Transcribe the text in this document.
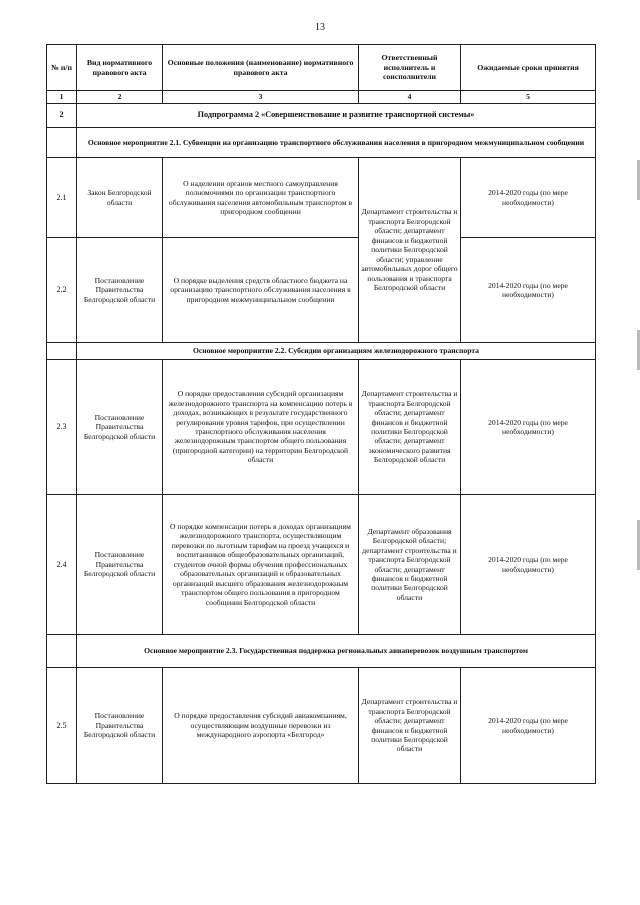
13
№ п/п	Вид нормативного правового акта	Основные положения (наименование) нормативного правового акта	Ответственный исполнитель и соисполнители	Ожидаемые сроки принятия
1	2	3	4	5
2	Подпрограмма 2 «Совершенствование и развитие транспортной системы»			
	Основное мероприятие 2.1. Субвенции на организацию транспортного обслуживания населения в пригородном межмуниципальном сообщении			
2.1	Закон Белгородской области	О наделении органов местного самоуправления полномочиями по организации транспортного обслуживания населения автомобильным транспортом в пригородном сообщении	Департамент строительства и транспорта Белгородской области; департамент финансов и бюджетной политики Белгородской области; управление автомобильных дорог общего пользования и транспорта Белгородской области	2014-2020 годы (по мере необходимости)
2.2	Постановление Правительства Белгородской области	О порядке выделения средств областного бюджета на организацию транспортного обслуживания населения в пригородном межмуниципальном сообщении		2014-2020 годы (по мере необходимости)
	Основное мероприятие 2.2. Субсидии организациям железнодорожного транспорта			
2.3	Постановление Правительства Белгородской области	О порядке предоставления субсидий организациям железнодорожного транспорта на компенсацию потерь в доходах, возникающих в результате государственного регулирования уровня тарифов, при осуществлении транспортного обслуживания населения железнодорожным транспортом общего пользования (пригородной категории) на территории Белгородской области	Департамент строительства и транспорта Белгородской области; департамент финансов и бюджетной политики Белгородской области; департамент экономического развития Белгородской области	2014-2020 годы (по мере необходимости)
2.4	Постановление Правительства Белгородской области	О порядке компенсации потерь в доходах организациям железнодорожного транспорта, осуществляющим перевозки по льготным тарифам на проезд учащихся и воспитанников общеобразовательных организаций, студентов очной формы обучения профессиональных образовательных организаций и образовательных организаций высшего образования железнодорожным транспортом общего пользования в пригородном сообщении Белгородской области	Департамент образования Белгородской области; департамент строительства и транспорта Белгородской области; департамент финансов и бюджетной политики Белгородской области	2014-2020 годы (по мере необходимости)
	Основное мероприятие 2.3. Государственная поддержка региональных авиаперевозок воздушным транспортом			
2.5	Постановление Правительства Белгородской области	О порядке предоставления субсидий авиакомпаниям, осуществляющим воздушные перевозки из международного аэропорта «Белгород»	Департамент строительства и транспорта Белгородской области; департамент финансов и бюджетной политики Белгородской области	2014-2020 годы (по мере необходимости)
